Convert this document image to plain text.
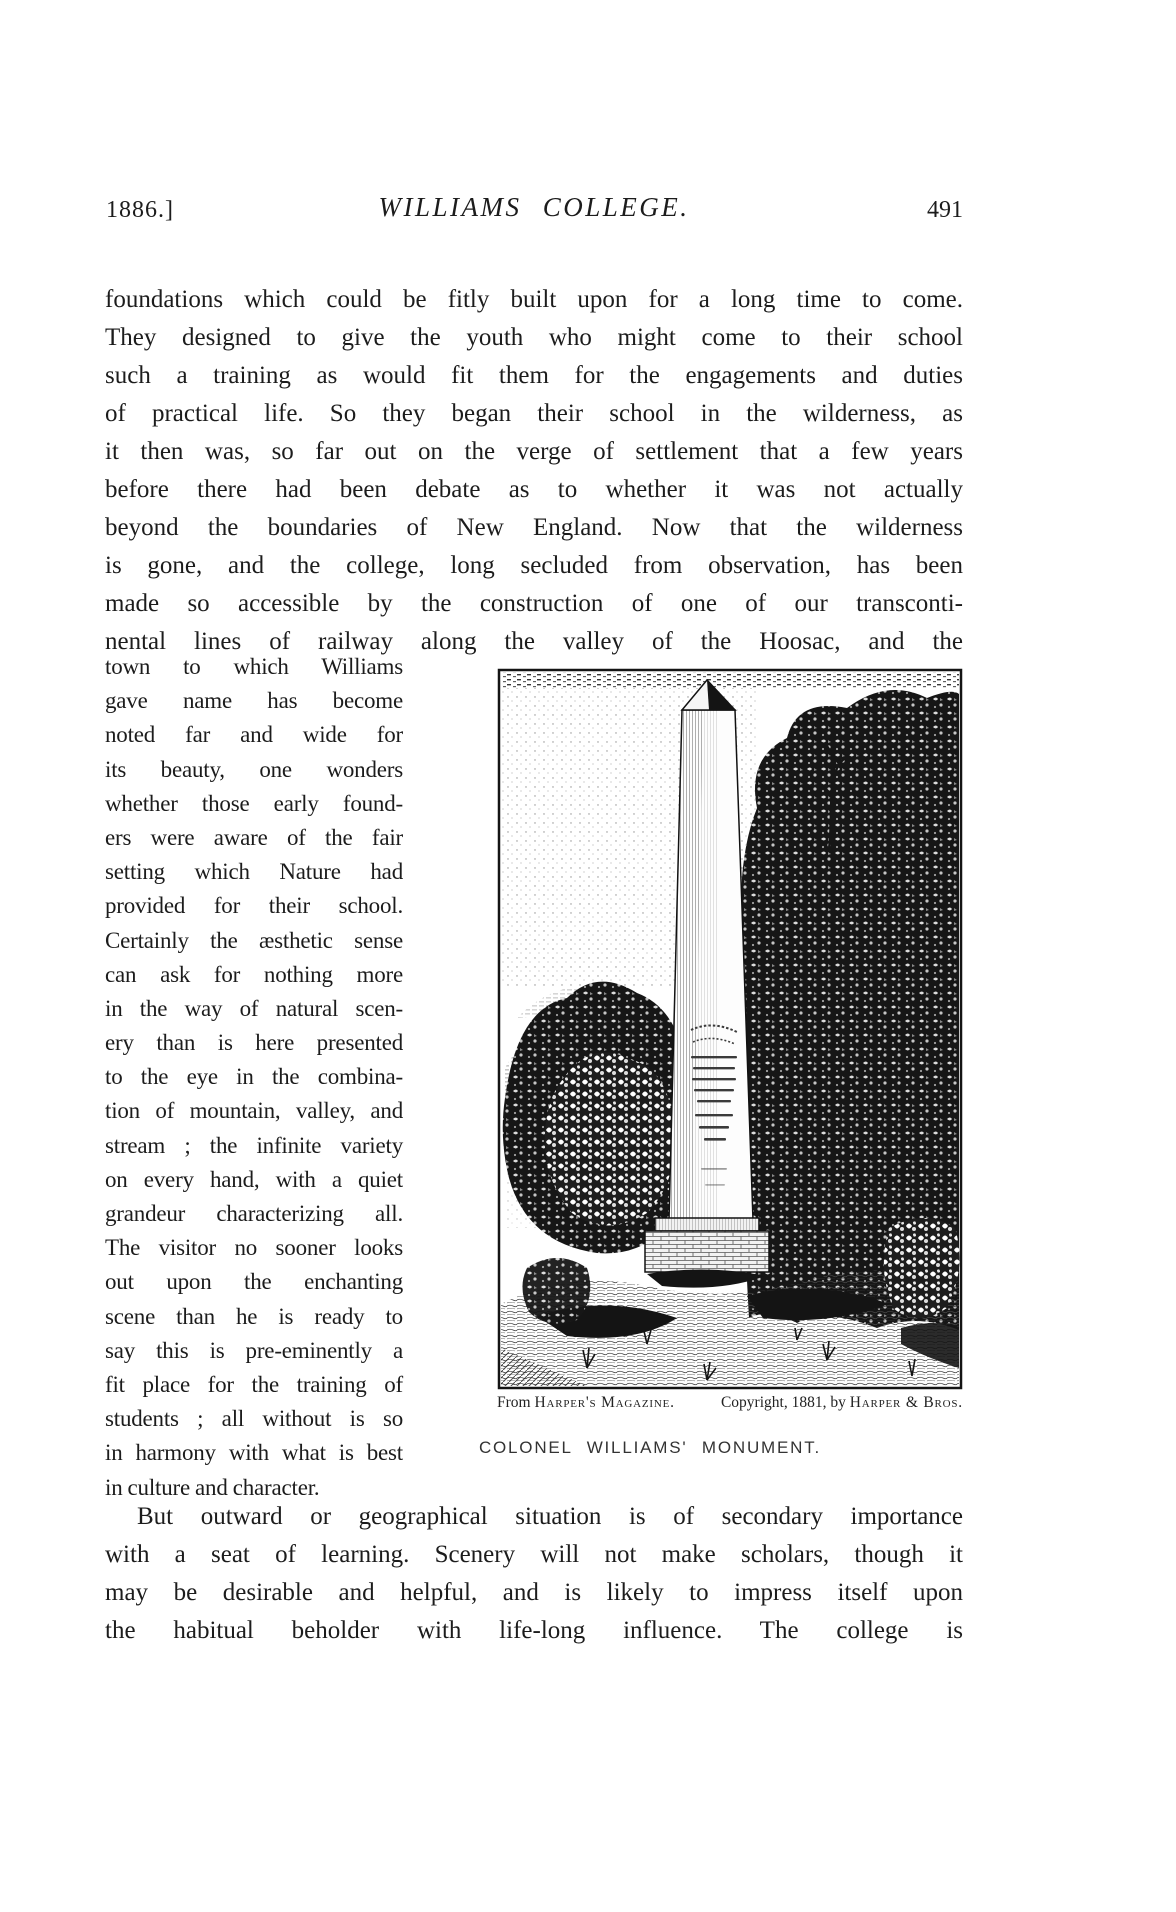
1886.]	WILLIAMS COLLEGE.	491
foundations which could be fitly built upon for a long time to come.
They designed to give the youth who might come to their school
such a training as would fit them for the engagements and duties
of practical life. So they began their school in the wilderness, as
it then was, so far out on the verge of settlement that a few years
before there had been debate as to whether it was not actually
beyond the boundaries of New England. Now that the wilderness
is gone, and the college, long secluded from observation, has been
made so accessible by the construction of one of our transconti-
nental lines of railway along the valley of the Hoosac, and the
town to which Williams
gave name has become
noted far and wide for
its beauty, one wonders
whether those early found-
ers were aware of the fair
setting which Nature had
provided for their school.
Certainly the æsthetic sense
can ask for nothing more
in the way of natural scen-
ery than is here presented
to the eye in the combina-
tion of mountain, valley, and
stream ; the infinite variety
on every hand, with a quiet
grandeur characterizing all.
The visitor no sooner looks
out upon the enchanting
scene than he is ready to
say this is pre-eminently a
fit place for the training of
students ; all without is so
in harmony with what is best
in culture and character.
From Harper's Magazine.	Copyright, 1881, by Harper & Bros.
COLONEL WILLIAMS' MONUMENT.
But outward or geographical situation is of secondary importance
with a seat of learning. Scenery will not make scholars, though it
may be desirable and helpful, and is likely to impress itself upon
the habitual beholder with life-long influence. The college is
